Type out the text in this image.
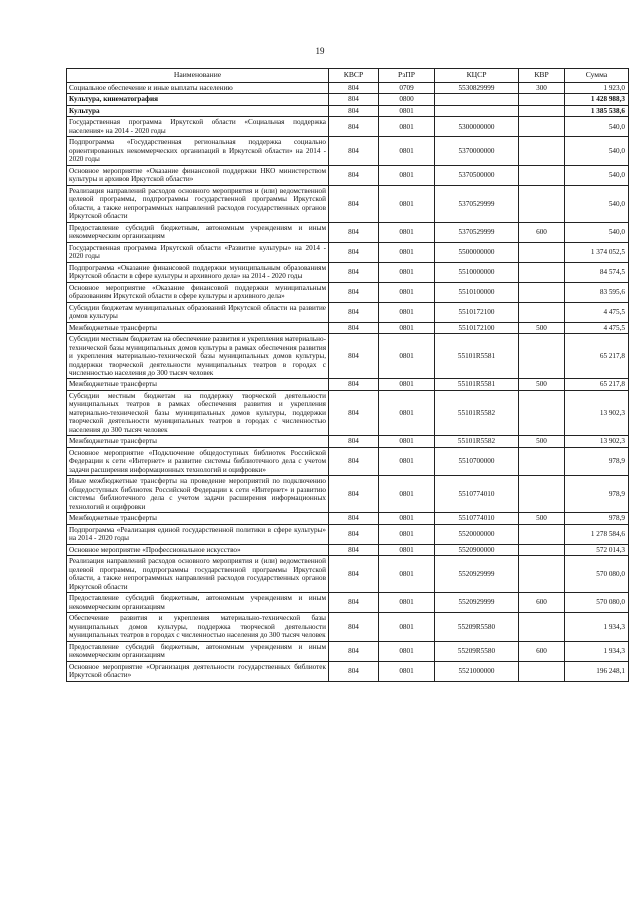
19
Наименование	КВСР	РзПР	КЦСР	КВР	Сумма
Социальное обеспечение и иные выплаты населению	804	0709	5530829999	300	1 923,0
Культура, кинематография	804	0800			1 428 988,3
Культура	804	0801			1 385 538,6
Государственная программа Иркутской области «Социальная поддержка населения» на 2014 - 2020 годы	804	0801	5300000000		540,0
Подпрограмма «Государственная региональная поддержка социально ориентированных некоммерческих организаций в Иркутской области» на 2014 - 2020 годы	804	0801	5370000000		540,0
Основное мероприятие «Оказание финансовой поддержки НКО министерством культуры и архивов Иркутской области»	804	0801	5370500000		540,0
Реализация направлений расходов основного мероприятия и (или) ведомственной целевой программы, подпрограммы государственной программы Иркутской области, а также непрограммных направлений расходов государственных органов Иркутской области	804	0801	5370529999		540,0
Предоставление субсидий бюджетным, автономным учреждениям и иным некоммерческим организациям	804	0801	5370529999	600	540,0
Государственная программа Иркутской области «Развитие культуры» на 2014 - 2020 годы	804	0801	5500000000		1 374 052,5
Подпрограмма «Оказание финансовой поддержки муниципальным образованиям Иркутской области в сфере культуры и архивного дела» на 2014 - 2020 годы	804	0801	5510000000		84 574,5
Основное мероприятие «Оказание финансовой поддержки муниципальным образованиям Иркутской области в сфере культуры и архивного дела»	804	0801	5510100000		83 595,6
Субсидии бюджетам муниципальных образований Иркутской области на развитие домов культуры	804	0801	5510172100		4 475,5
Межбюджетные трансферты	804	0801	5510172100	500	4 475,5
Субсидии местным бюджетам на обеспечение развития и укрепления материально-технической базы муниципальных домов культуры в рамках обеспечения развития и укрепления материально-технической базы муниципальных домов культуры, поддержки творческой деятельности муниципальных театров в городах с численностью населения до 300 тысяч человек	804	0801	55101R5581		65 217,8
Межбюджетные трансферты	804	0801	55101R5581	500	65 217,8
Субсидии местным бюджетам на поддержку творческой деятельности муниципальных театров в рамках обеспечения развития и укрепления материально-технической базы муниципальных домов культуры, поддержки творческой деятельности муниципальных театров в городах с численностью населения до 300 тысяч человек	804	0801	55101R5582		13 902,3
Межбюджетные трансферты	804	0801	55101R5582	500	13 902,3
Основное мероприятие «Подключение общедоступных библиотек Российской Федерации к сети «Интернет» и развитие системы библиотечного дела с учетом задачи расширения информационных технологий и оцифровки»	804	0801	5510700000		978,9
Иные межбюджетные трансферты на проведение мероприятий по подключению общедоступных библиотек Российской Федерации к сети «Интернет» и развитию системы библиотечного дела с учетом задачи расширения информационных технологий и оцифровки	804	0801	5510774010		978,9
Межбюджетные трансферты	804	0801	5510774010	500	978,9
Подпрограмма «Реализация единой государственной политики в сфере культуры» на 2014 - 2020 годы	804	0801	5520000000		1 278 584,6
Основное мероприятие «Профессиональное искусство»	804	0801	5520900000		572 014,3
Реализация направлений расходов основного мероприятия и (или) ведомственной целевой программы, подпрограммы государственной программы Иркутской области, а также непрограммных направлений расходов государственных органов Иркутской области	804	0801	5520929999		570 080,0
Предоставление субсидий бюджетным, автономным учреждениям и иным некоммерческим организациям	804	0801	5520929999	600	570 080,0
Обеспечение развития и укрепления материально-технической базы муниципальных домов культуры, поддержка творческой деятельности муниципальных театров в городах с численностью населения до 300 тысяч человек	804	0801	55209R5580		1 934,3
Предоставление субсидий бюджетным, автономным учреждениям и иным некоммерческим организациям	804	0801	55209R5580	600	1 934,3
Основное мероприятие «Организация деятельности государственных библиотек Иркутской области»	804	0801	5521000000		196 248,1
